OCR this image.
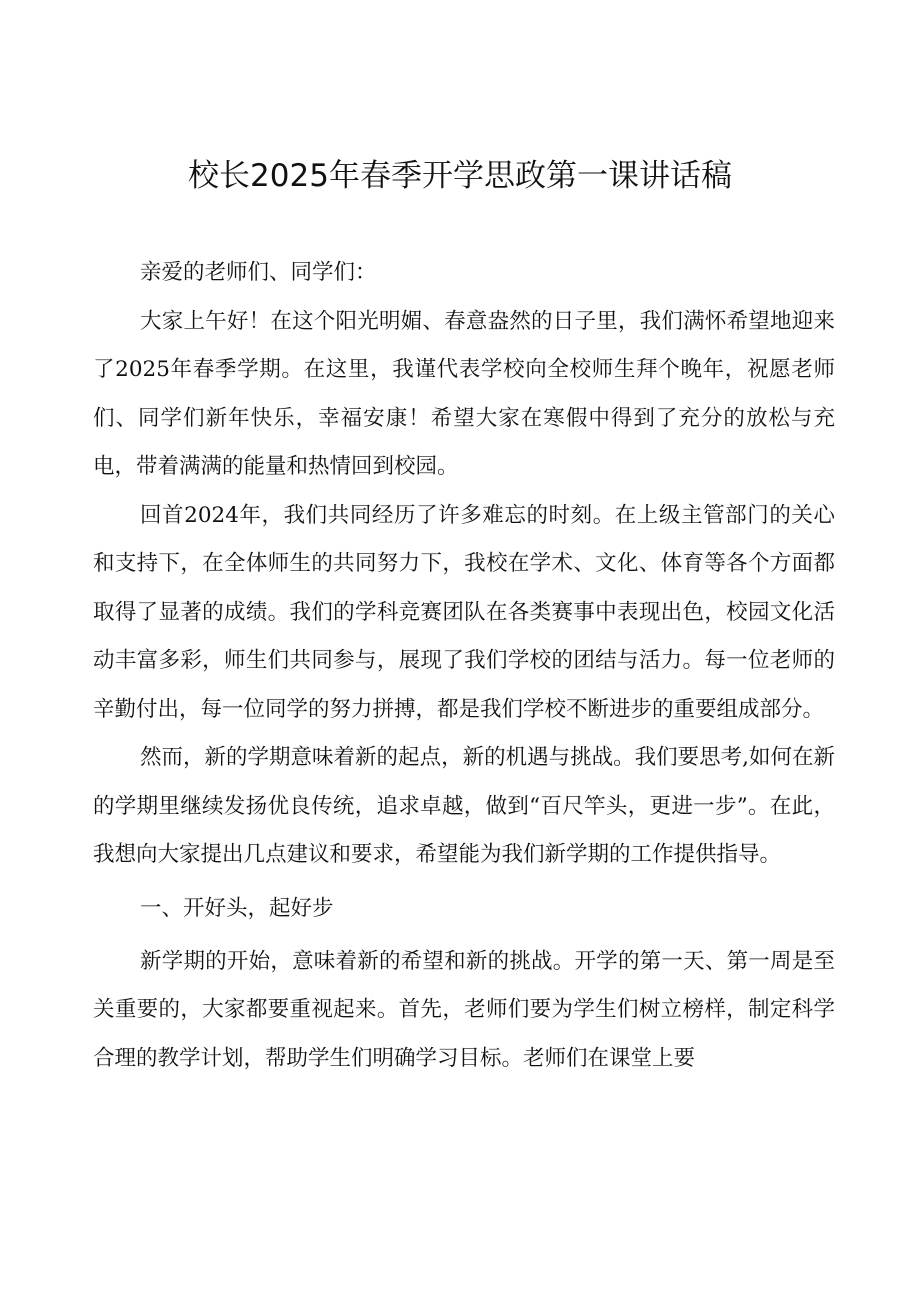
校长2025年春季开学思政第一课讲话稿

亲爱的老师们、同学们：

大家上午好！在这个阳光明媚、春意盎然的日子里，我们满怀希望地迎来了2025年春季学期。在这里，我谨代表学校向全校师生拜个晚年，祝愿老师们、同学们新年快乐，幸福安康！希望大家在寒假中得到了充分的放松与充电，带着满满的能量和热情回到校园。

回首2024年，我们共同经历了许多难忘的时刻。在上级主管部门的关心和支持下，在全体师生的共同努力下，我校在学术、文化、体育等各个方面都取得了显著的成绩。我们的学科竞赛团队在各类赛事中表现出色，校园文化活动丰富多彩，师生们共同参与，展现了我们学校的团结与活力。每一位老师的辛勤付出，每一位同学的努力拼搏，都是我们学校不断进步的重要组成部分。

然而，新的学期意味着新的起点，新的机遇与挑战。我们要思考,如何在新的学期里继续发扬优良传统，追求卓越，做到“百尺竿头，更进一步”。在此，我想向大家提出几点建议和要求，希望能为我们新学期的工作提供指导。

一、开好头，起好步

新学期的开始，意味着新的希望和新的挑战。开学的第一天、第一周是至关重要的，大家都要重视起来。首先，老师们要为学生们树立榜样，制定科学合理的教学计划，帮助学生们明确学习目标。老师们在课堂上要
